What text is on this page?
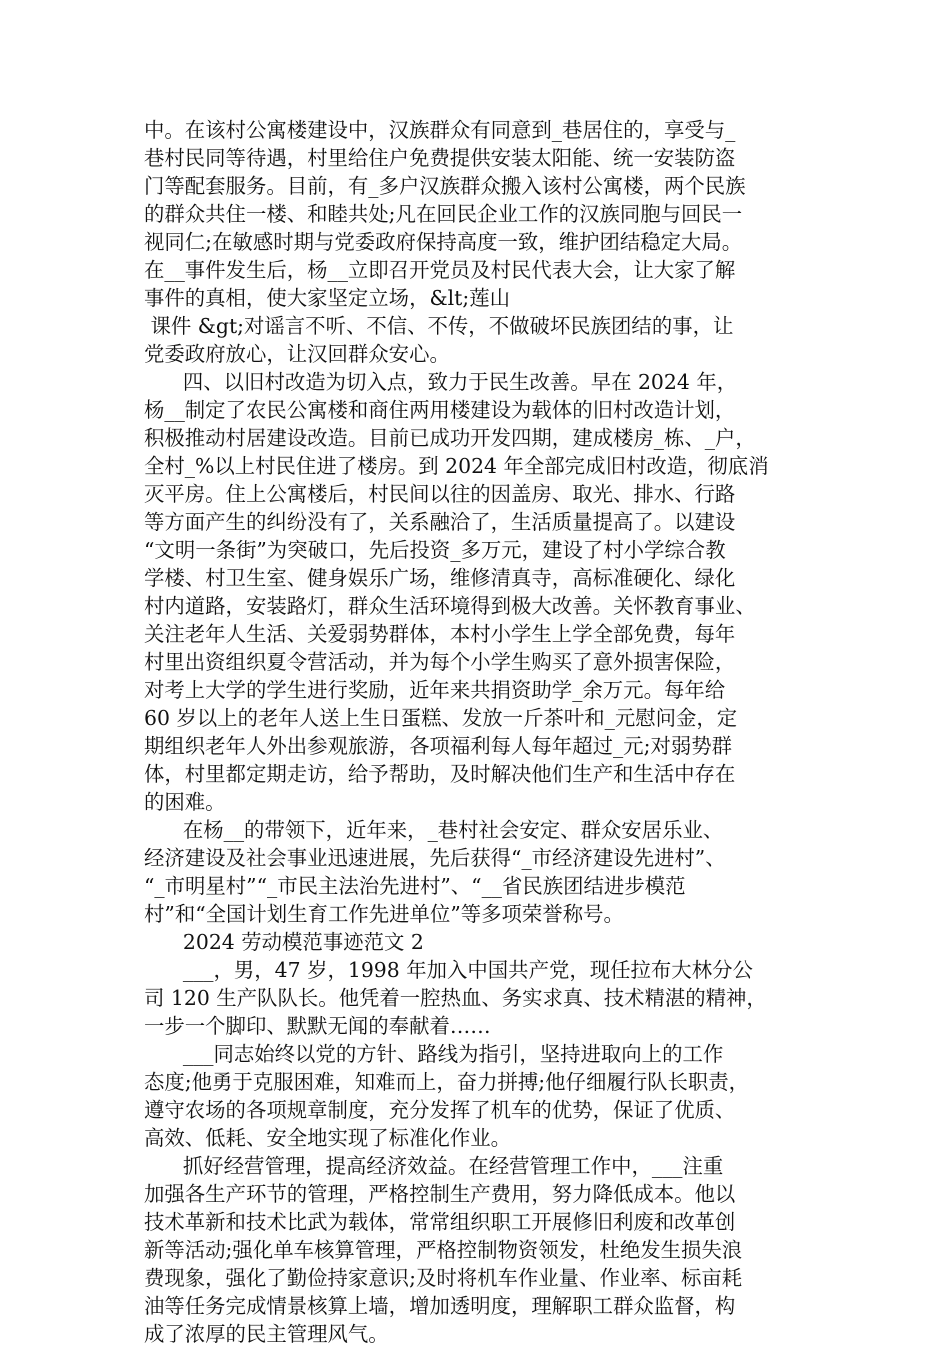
中。在该村公寓楼建设中，汉族群众有同意到_巷居住的，享受与_
巷村民同等待遇，村里给住户免费提供安装太阳能、统一安装防盗
门等配套服务。目前，有_多户汉族群众搬入该村公寓楼，两个民族
的群众共住一楼、和睦共处;凡在回民企业工作的汉族同胞与回民一
视同仁;在敏感时期与党委政府保持高度一致，维护团结稳定大局。
在__事件发生后，杨__立即召开党员及村民代表大会，让大家了解
事件的真相，使大家坚定立场，&lt;莲山
课件 &gt;对谣言不听、不信、不传，不做破坏民族团结的事，让
党委政府放心，让汉回群众安心。
四、以旧村改造为切入点，致力于民生改善。早在 2024 年，
杨__制定了农民公寓楼和商住两用楼建设为载体的旧村改造计划，
积极推动村居建设改造。目前已成功开发四期，建成楼房_栋、_户，
全村_%以上村民住进了楼房。到 2024 年全部完成旧村改造，彻底消
灭平房。住上公寓楼后，村民间以往的因盖房、取光、排水、行路
等方面产生的纠纷没有了，关系融洽了，生活质量提高了。以建设
“文明一条街”为突破口，先后投资_多万元，建设了村小学综合教
学楼、村卫生室、健身娱乐广场，维修清真寺，高标准硬化、绿化
村内道路，安装路灯，群众生活环境得到极大改善。关怀教育事业、
关注老年人生活、关爱弱势群体，本村小学生上学全部免费，每年
村里出资组织夏令营活动，并为每个小学生购买了意外损害保险，
对考上大学的学生进行奖励，近年来共捐资助学_余万元。每年给
60 岁以上的老年人送上生日蛋糕、发放一斤茶叶和_元慰问金，定
期组织老年人外出参观旅游，各项福利每人每年超过_元;对弱势群
体，村里都定期走访，给予帮助，及时解决他们生产和生活中存在
的困难。
在杨__的带领下，近年来，_巷村社会安定、群众安居乐业、
经济建设及社会事业迅速进展，先后获得“_市经济建设先进村”、
“_市明星村”“_市民主法治先进村”、“__省民族团结进步模范
村”和“全国计划生育工作先进单位”等多项荣誉称号。
2024 劳动模范事迹范文 2
___，男，47 岁，1998 年加入中国共产党，现任拉布大林分公
司 120 生产队队长。他凭着一腔热血、务实求真、技术精湛的精神，
一步一个脚印、默默无闻的奉献着……
___同志始终以党的方针、路线为指引，坚持进取向上的工作
态度;他勇于克服困难，知难而上，奋力拼搏;他仔细履行队长职责，
遵守农场的各项规章制度，充分发挥了机车的优势，保证了优质、
高效、低耗、安全地实现了标准化作业。
抓好经营管理，提高经济效益。在经营管理工作中，___注重
加强各生产环节的管理，严格控制生产费用，努力降低成本。他以
技术革新和技术比武为载体，常常组织职工开展修旧利废和改革创
新等活动;强化单车核算管理，严格控制物资领发，杜绝发生损失浪
费现象，强化了勤俭持家意识;及时将机车作业量、作业率、标亩耗
油等任务完成情景核算上墙，增加透明度，理解职工群众监督，构
成了浓厚的民主管理风气。
